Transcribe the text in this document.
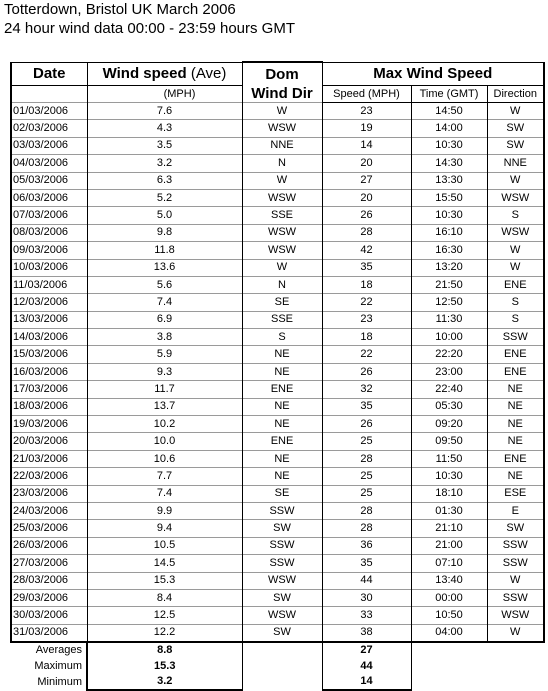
Totterdown, Bristol UK March 2006
24 hour wind data 00:00 - 23:59 hours GMT
Date	Wind speed (Ave)	Dom	Max Wind Speed		
	(MPH)	Wind Dir	Speed (MPH)	Time (GMT)	Direction
01/03/2006	7.6	W	23	14:50	W
02/03/2006	4.3	WSW	19	14:00	SW
03/03/2006	3.5	NNE	14	10:30	SW
04/03/2006	3.2	N	20	14:30	NNE
05/03/2006	6.3	W	27	13:30	W
06/03/2006	5.2	WSW	20	15:50	WSW
07/03/2006	5.0	SSE	26	10:30	S
08/03/2006	9.8	WSW	28	16:10	WSW
09/03/2006	11.8	WSW	42	16:30	W
10/03/2006	13.6	W	35	13:20	W
11/03/2006	5.6	N	18	21:50	ENE
12/03/2006	7.4	SE	22	12:50	S
13/03/2006	6.9	SSE	23	11:30	S
14/03/2006	3.8	S	18	10:00	SSW
15/03/2006	5.9	NE	22	22:20	ENE
16/03/2006	9.3	NE	26	23:00	ENE
17/03/2006	11.7	ENE	32	22:40	NE
18/03/2006	13.7	NE	35	05:30	NE
19/03/2006	10.2	NE	26	09:20	NE
20/03/2006	10.0	ENE	25	09:50	NE
21/03/2006	10.6	NE	28	11:50	ENE
22/03/2006	7.7	NE	25	10:30	NE
23/03/2006	7.4	SE	25	18:10	ESE
24/03/2006	9.9	SSW	28	01:30	E
25/03/2006	9.4	SW	28	21:10	SW
26/03/2006	10.5	SSW	36	21:00	SSW
27/03/2006	14.5	SSW	35	07:10	SSW
28/03/2006	15.3	WSW	44	13:40	W
29/03/2006	8.4	SW	30	00:00	SSW
30/03/2006	12.5	WSW	33	10:50	WSW
31/03/2006	12.2	SW	38	04:00	W
Averages	8.8		27		
Maximum	15.3		44		
Minimum	3.2		14		
